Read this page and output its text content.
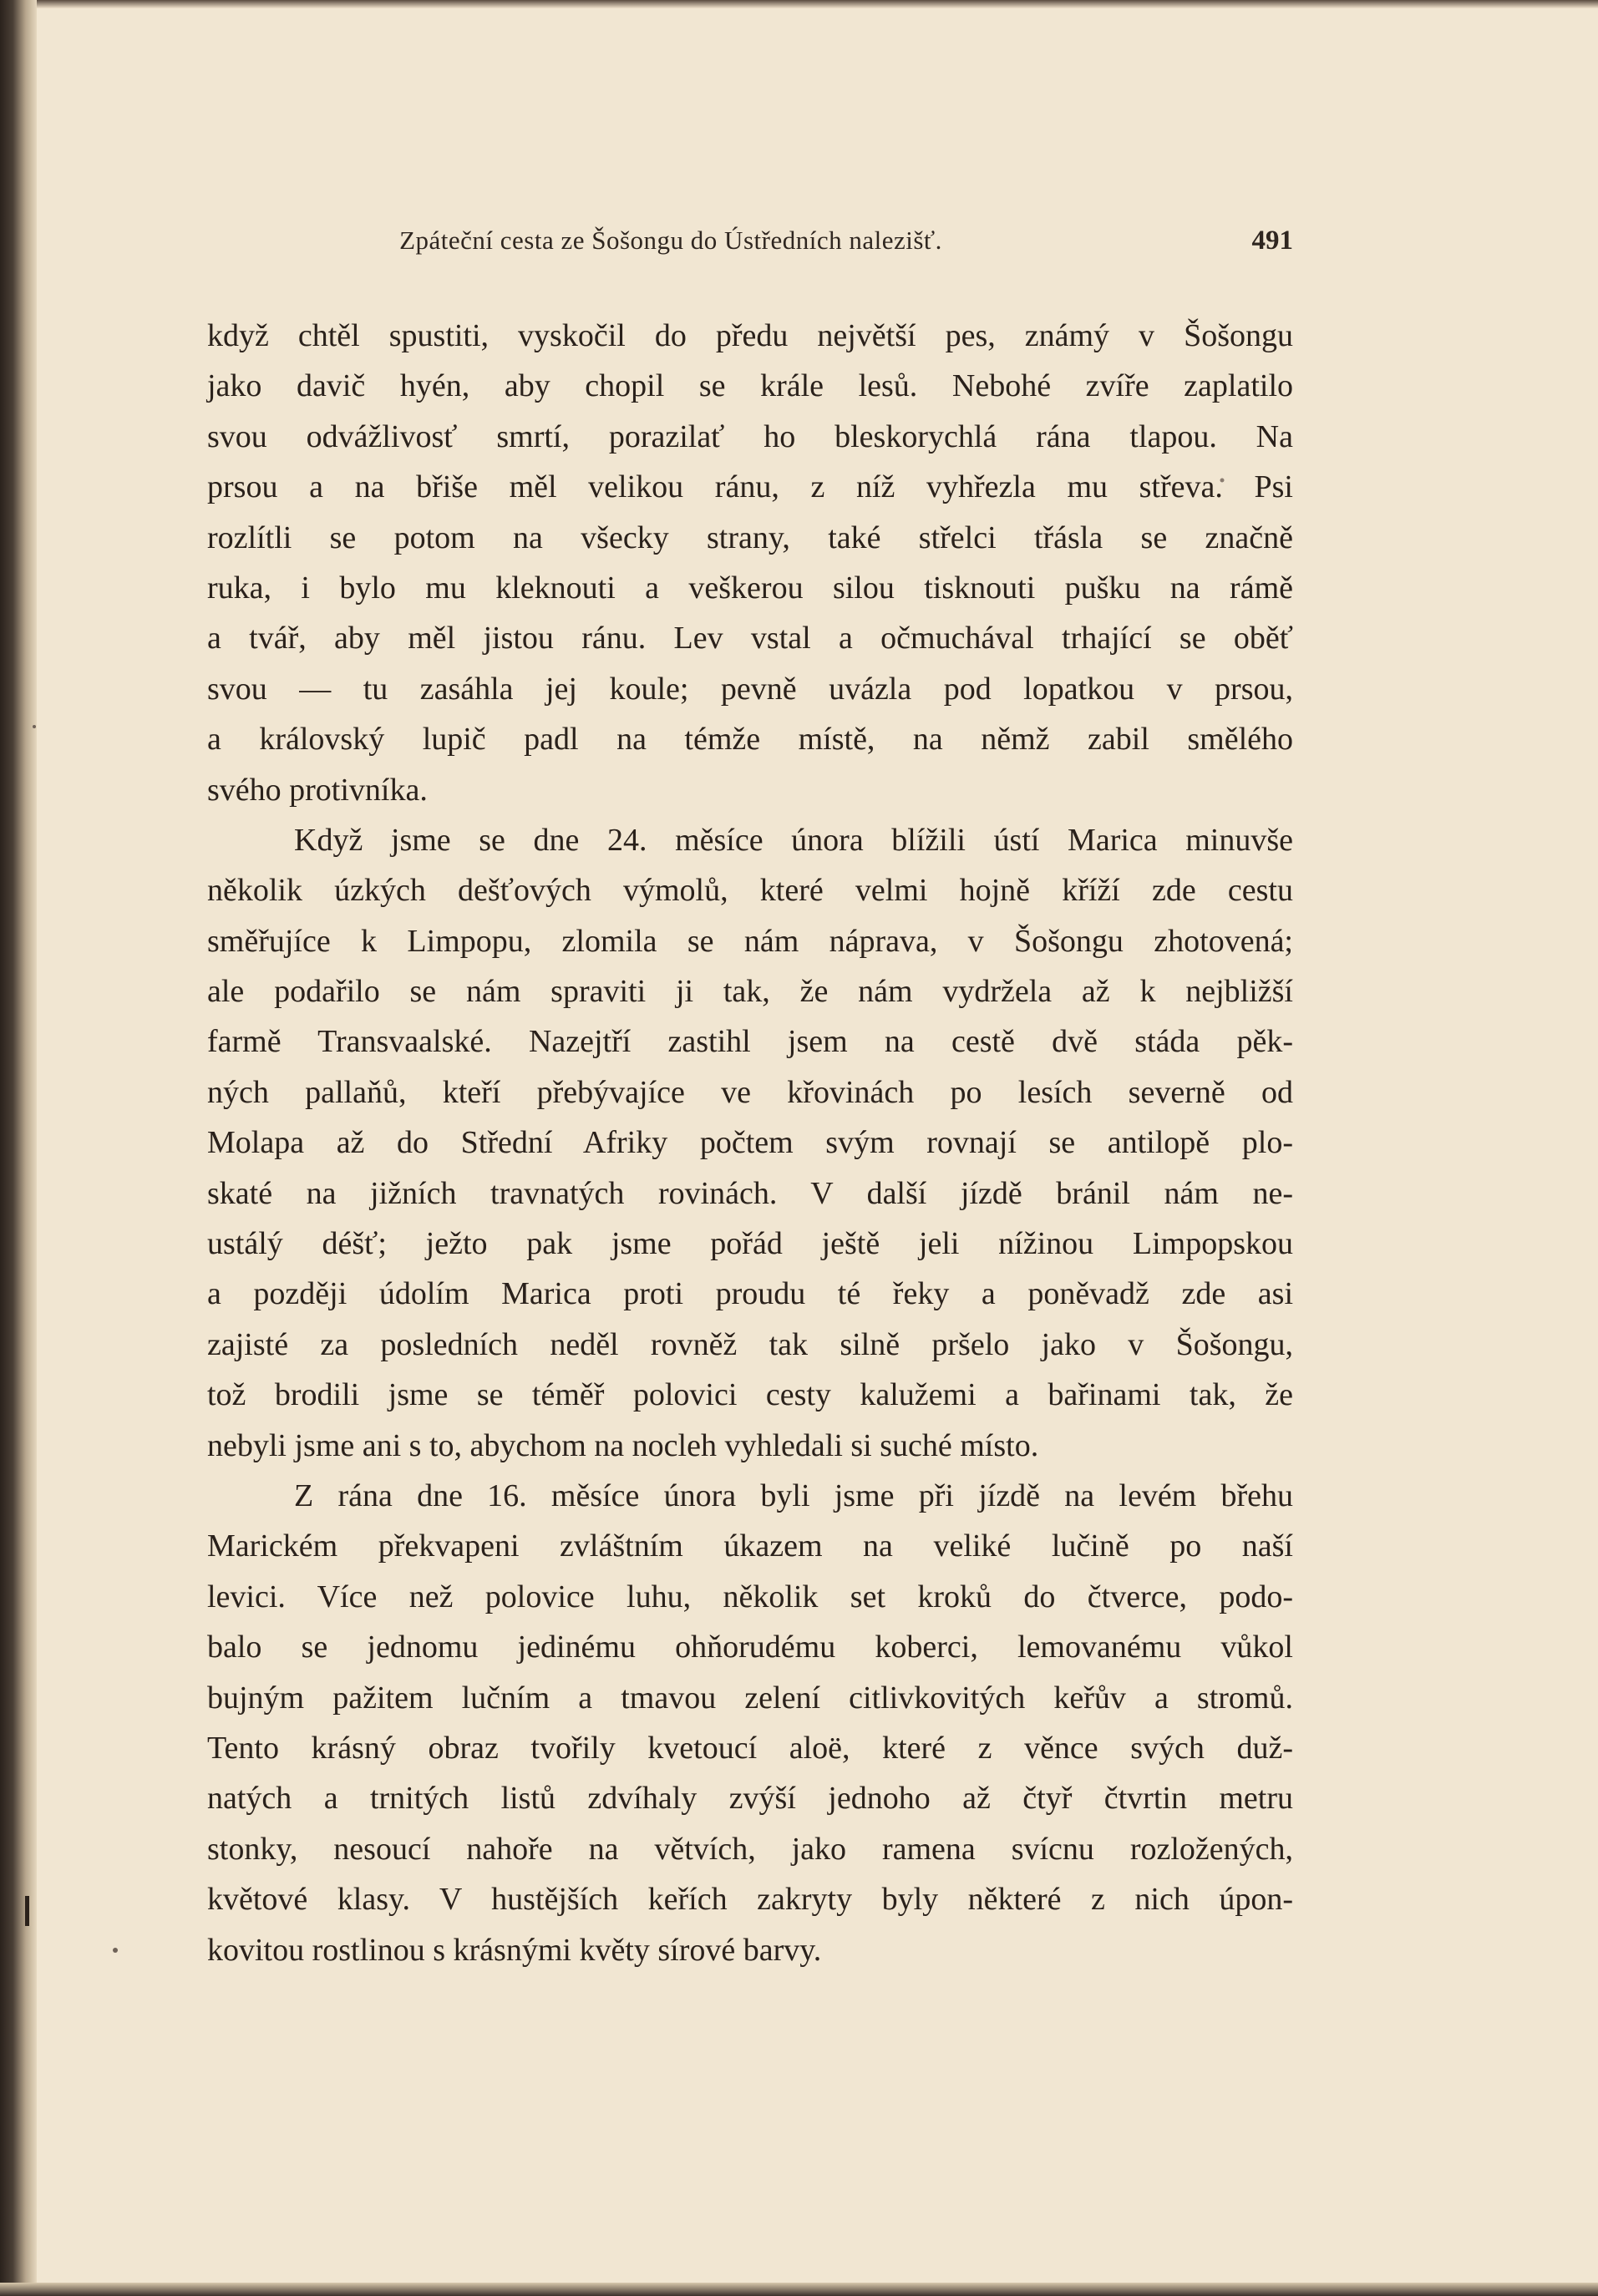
Zpáteční cesta ze Šošongu do Ústředních nalezišť.	491
když chtěl spustiti, vyskočil do předu největší pes, známý v Šošongu
jako davič hyén, aby chopil se krále lesů. Nebohé zvíře zaplatilo
svou odvážlivosť smrtí, porazilať ho bleskorychlá rána tlapou. Na
prsou a na břiše měl velikou ránu, z níž vyhřezla mu střeva. Psi
rozlítli se potom na všecky strany, také střelci třásla se značně
ruka, i bylo mu kleknouti a veškerou silou tisknouti pušku na rámě
a tvář, aby měl jistou ránu. Lev vstal a očmuchával trhající se oběť
svou — tu zasáhla jej koule; pevně uvázla pod lopatkou v prsou,
a královský lupič padl na témže místě, na němž zabil smělého
svého protivníka.
Když jsme se dne 24. měsíce února blížili ústí Marica minuvše
několik úzkých dešťových výmolů, které velmi hojně kříží zde cestu
směřujíce k Limpopu, zlomila se nám náprava, v Šošongu zhotovená;
ale podařilo se nám spraviti ji tak, že nám vydržela až k nejbližší
farmě Transvaalské. Nazejtří zastihl jsem na cestě dvě stáda pěk-
ných pallaňů, kteří přebývajíce ve křovinách po lesích severně od
Molapa až do Střední Afriky počtem svým rovnají se antilopě plo-
skaté na jižních travnatých rovinách. V další jízdě bránil nám ne-
ustálý déšť; ježto pak jsme pořád ještě jeli nížinou Limpopskou
a později údolím Marica proti proudu té řeky a poněvadž zde asi
zajisté za posledních neděl rovněž tak silně pršelo jako v Šošongu,
tož brodili jsme se téměř polovici cesty kalužemi a bařinami tak, že
nebyli jsme ani s to, abychom na nocleh vyhledali si suché místo.
Z rána dne 16. měsíce února byli jsme při jízdě na levém břehu
Marickém překvapeni zvláštním úkazem na veliké lučině po naší
levici. Více než polovice luhu, několik set kroků do čtverce, podo-
balo se jednomu jedinému ohňorudému koberci, lemovanému vůkol
bujným pažitem lučním a tmavou zelení citlivkovitých keřův a stromů.
Tento krásný obraz tvořily kvetoucí aloë, které z věnce svých duž-
natých a trnitých listů zdvíhaly zvýší jednoho až čtyř čtvrtin metru
stonky, nesoucí nahoře na větvích, jako ramena svícnu rozložených,
květové klasy. V hustějších keřích zakryty byly některé z nich úpon-
kovitou rostlinou s krásnými květy sírové barvy.
